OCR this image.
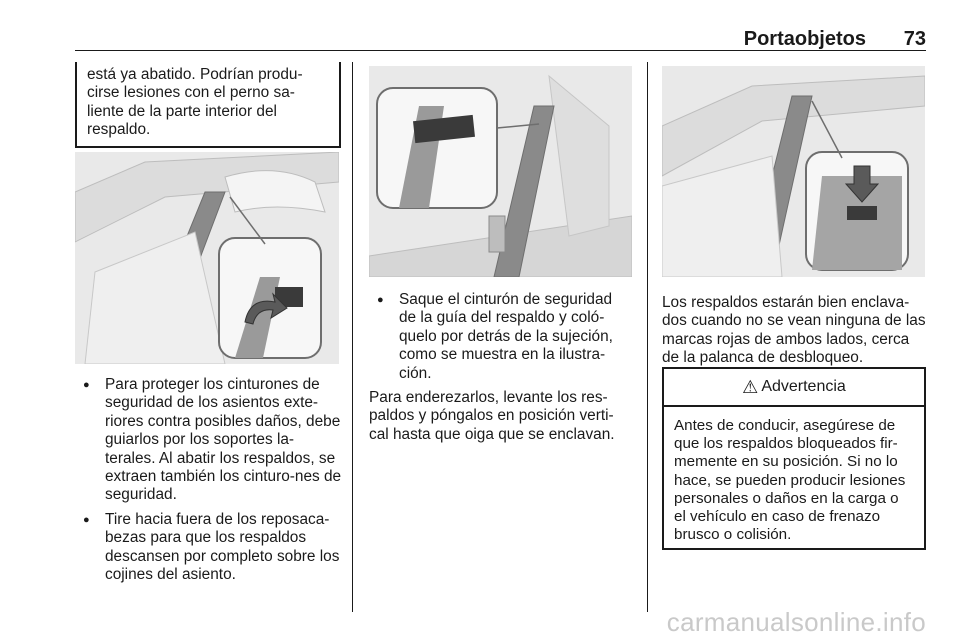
Portaobjetos 73
está ya abatido. Podrían produ-cirse lesiones con el perno sa-liente de la parte interior del respaldo.
● Para proteger los cinturones de seguridad de los asientos exte-riores contra posibles daños, debe guiarlos por los soportes la-terales. Al abatir los respaldos, se extraen también los cinturo-nes de seguridad.
● Tire hacia fuera de los reposaca-bezas para que los respaldos descansen por completo sobre los cojines del asiento.
● Saque el cinturón de seguridad de la guía del respaldo y coló-quelo por detrás de la sujeción, como se muestra en la ilustra-ción.

Para enderezarlos, levante los res-paldos y póngalos en posición verti-cal hasta que oiga que se enclavan.

Los respaldos estarán bien enclava-dos cuando no se vean ninguna de las marcas rojas de ambos lados, cerca de la palanca de desbloqueo.

⚠ Advertencia
Antes de conducir, asegúrese de que los respaldos bloqueados fir-memente en su posición. Si no lo hace, se pueden producir lesiones personales o daños en la carga o el vehículo en caso de frenazo brusco o colisión.
carmanualsonline.info
